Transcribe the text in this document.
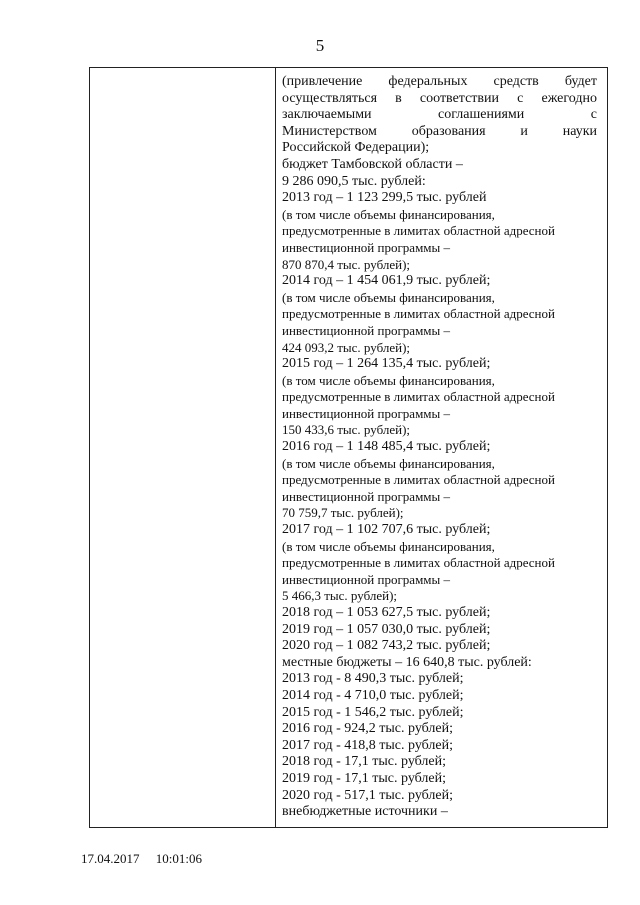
5
(привлечение федеральных средств будет
осуществляться в соответствии с ежегодно
заключаемыми соглашениями с
Министерством образования и науки
Российской Федерации);
бюджет Тамбовской области –
9 286 090,5 тыс. рублей:
2013 год – 1 123 299,5 тыс. рублей
(в том числе объемы финансирования,
предусмотренные в лимитах областной адресной
инвестиционной программы –
870 870,4 тыс. рублей);
2014 год – 1 454 061,9 тыс. рублей;
(в том числе объемы финансирования,
предусмотренные в лимитах областной адресной
инвестиционной программы –
424 093,2 тыс. рублей);
2015 год – 1 264 135,4 тыс. рублей;
(в том числе объемы финансирования,
предусмотренные в лимитах областной адресной
инвестиционной программы –
150 433,6 тыс. рублей);
2016 год – 1 148 485,4 тыс. рублей;
(в том числе объемы финансирования,
предусмотренные в лимитах областной адресной
инвестиционной программы –
70 759,7 тыс. рублей);
2017 год – 1 102 707,6 тыс. рублей;
(в том числе объемы финансирования,
предусмотренные в лимитах областной адресной
инвестиционной программы –
5 466,3 тыс. рублей);
2018 год – 1 053 627,5 тыс. рублей;
2019 год – 1 057 030,0 тыс. рублей;
2020 год – 1 082 743,2 тыс. рублей;
местные бюджеты – 16 640,8 тыс. рублей:
2013 год - 8 490,3 тыс. рублей;
2014 год - 4 710,0 тыс. рублей;
2015 год - 1 546,2 тыс. рублей;
2016 год - 924,2 тыс. рублей;
2017 год - 418,8 тыс. рублей;
2018 год - 17,1 тыс. рублей;
2019 год - 17,1 тыс. рублей;
2020 год - 517,1 тыс. рублей;
внебюджетные источники –
17.04.2017 10:01:06
